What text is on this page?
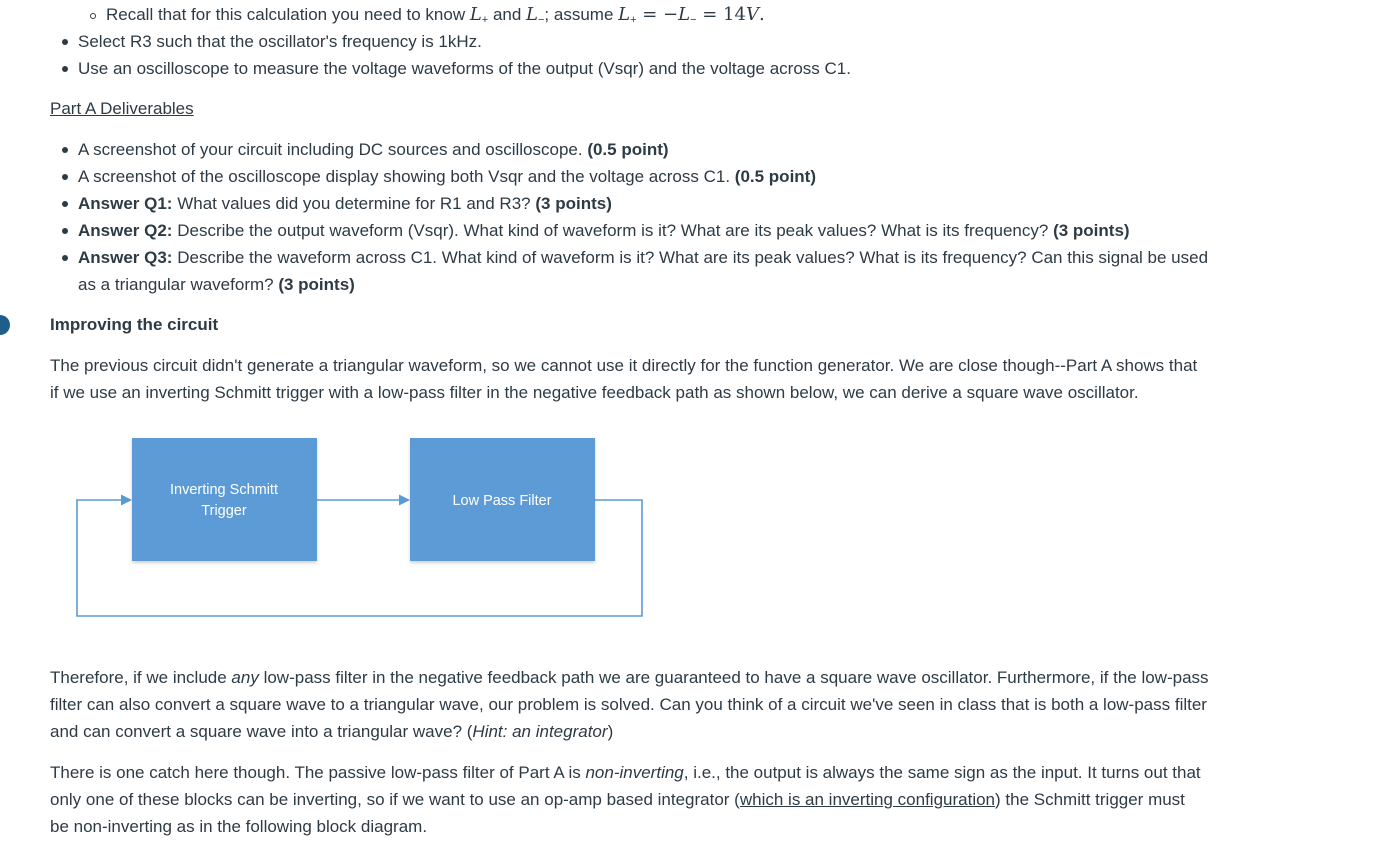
Recall that for this calculation you need to know $L_+$ and $L_-$; assume $L_+ = -L_- = 14V$.
Select R3 such that the oscillator's frequency is 1kHz.
Use an oscilloscope to measure the voltage waveforms of the output (Vsqr) and the voltage across C1.
Part A Deliverables
A screenshot of your circuit including DC sources and oscilloscope. (0.5 point)
A screenshot of the oscilloscope display showing both Vsqr and the voltage across C1. (0.5 point)
Answer Q1: What values did you determine for R1 and R3? (3 points)
Answer Q2: Describe the output waveform (Vsqr). What kind of waveform is it? What are its peak values? What is its frequency? (3 points)
Answer Q3: Describe the waveform across C1. What kind of waveform is it? What are its peak values? What is its frequency? Can this signal be used
as a triangular waveform? (3 points)
Improving the circuit
The previous circuit didn't generate a triangular waveform, so we cannot use it directly for the function generator. We are close though--Part A shows that
if we use an inverting Schmitt trigger with a low-pass filter in the negative feedback path as shown below, we can derive a square wave oscillator.
Inverting Schmitt
Trigger
Low Pass Filter
Therefore, if we include any low-pass filter in the negative feedback path we are guaranteed to have a square wave oscillator. Furthermore, if the low-pass
filter can also convert a square wave to a triangular wave, our problem is solved. Can you think of a circuit we've seen in class that is both a low-pass filter
and can convert a square wave into a triangular wave? (Hint: an integrator)
There is one catch here though. The passive low-pass filter of Part A is non-inverting, i.e., the output is always the same sign as the input. It turns out that
only one of these blocks can be inverting, so if we want to use an op-amp based integrator (which is an inverting configuration) the Schmitt trigger must
be non-inverting as in the following block diagram.
